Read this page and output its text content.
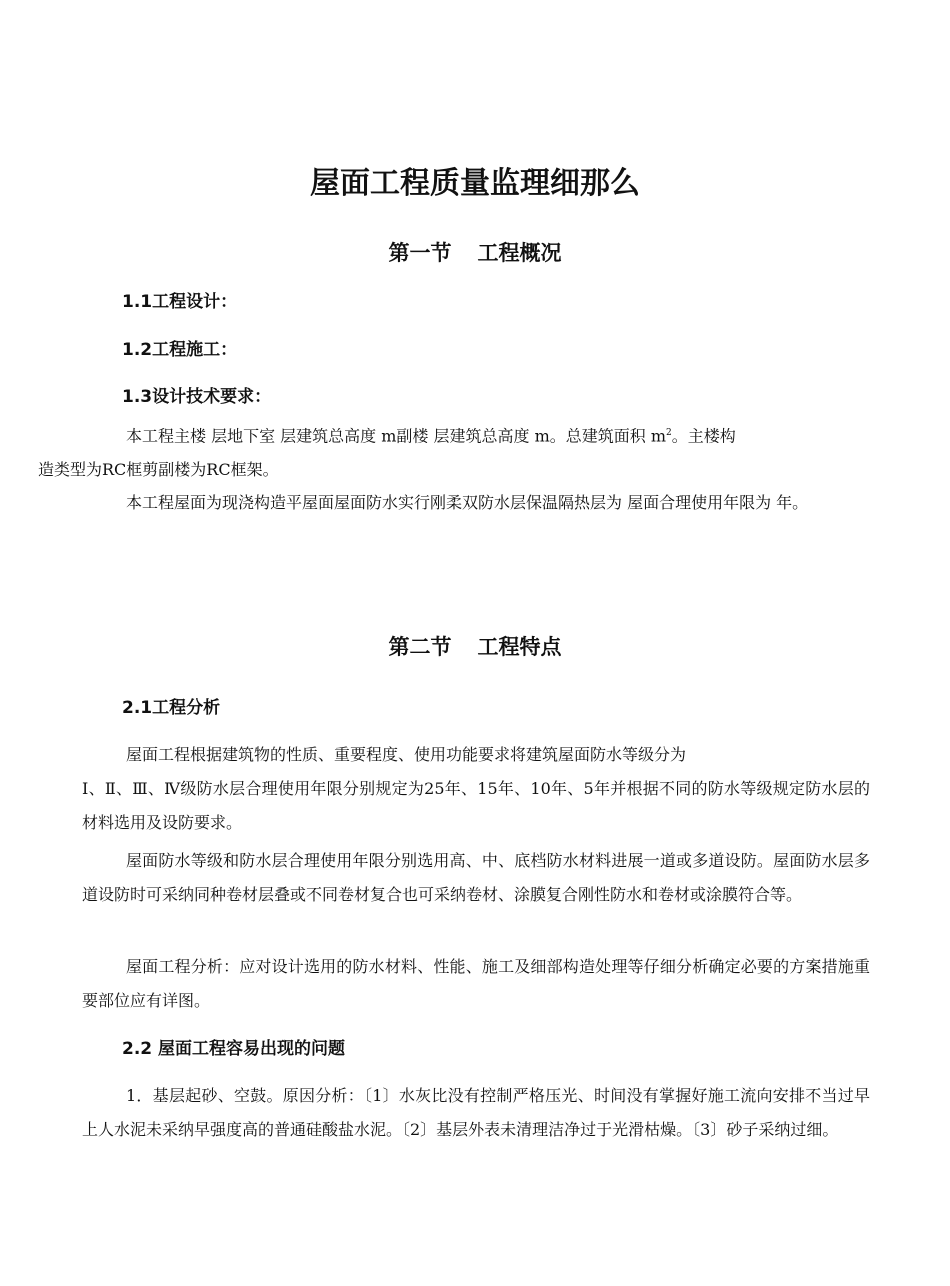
屋面工程质量监理细那么
第一节 工程概况
1.1工程设计：
1.2工程施工：
1.3设计技术要求：

本工程主楼 层地下室 层建筑总高度 m副楼 层建筑总高度 m。总建筑面积 $m^2$。主楼构
造类型为RC框剪副楼为RC框架。

本工程屋面为现浇构造平屋面屋面防水实行刚柔双防水层保温隔热层为 屋面合理使用年限为 年。

第二节 工程特点
2.1工程分析

屋面工程根据建筑物的性质、重要程度、使用功能要求将建筑屋面防水等级分为

Ⅰ、Ⅱ、Ⅲ、Ⅳ级防水层合理使用年限分别规定为25年、15年、10年、5年并根据不同的防水等级规定防水层的材料选用及设防要求。

屋面防水等级和防水层合理使用年限分别选用高、中、底档防水材料进展一道或多道设防。屋面防水层多道设防时可采纳同种卷材层叠或不同卷材复合也可采纳卷材、涂膜复合刚性防水和卷材或涂膜符合等。

屋面工程分析：应对设计选用的防水材料、性能、施工及细部构造处理等仔细分析确定必要的方案措施重要部位应有详图。

2.2 屋面工程容易出现的问题

1．基层起砂、空鼓。原因分析：〔1〕水灰比没有控制严格压光、时间没有掌握好施工流向安排不当过早上人水泥未采纳早强度高的普通硅酸盐水泥。〔2〕基层外表未清理洁净过于光滑枯燥。〔3〕砂子采纳过细。
